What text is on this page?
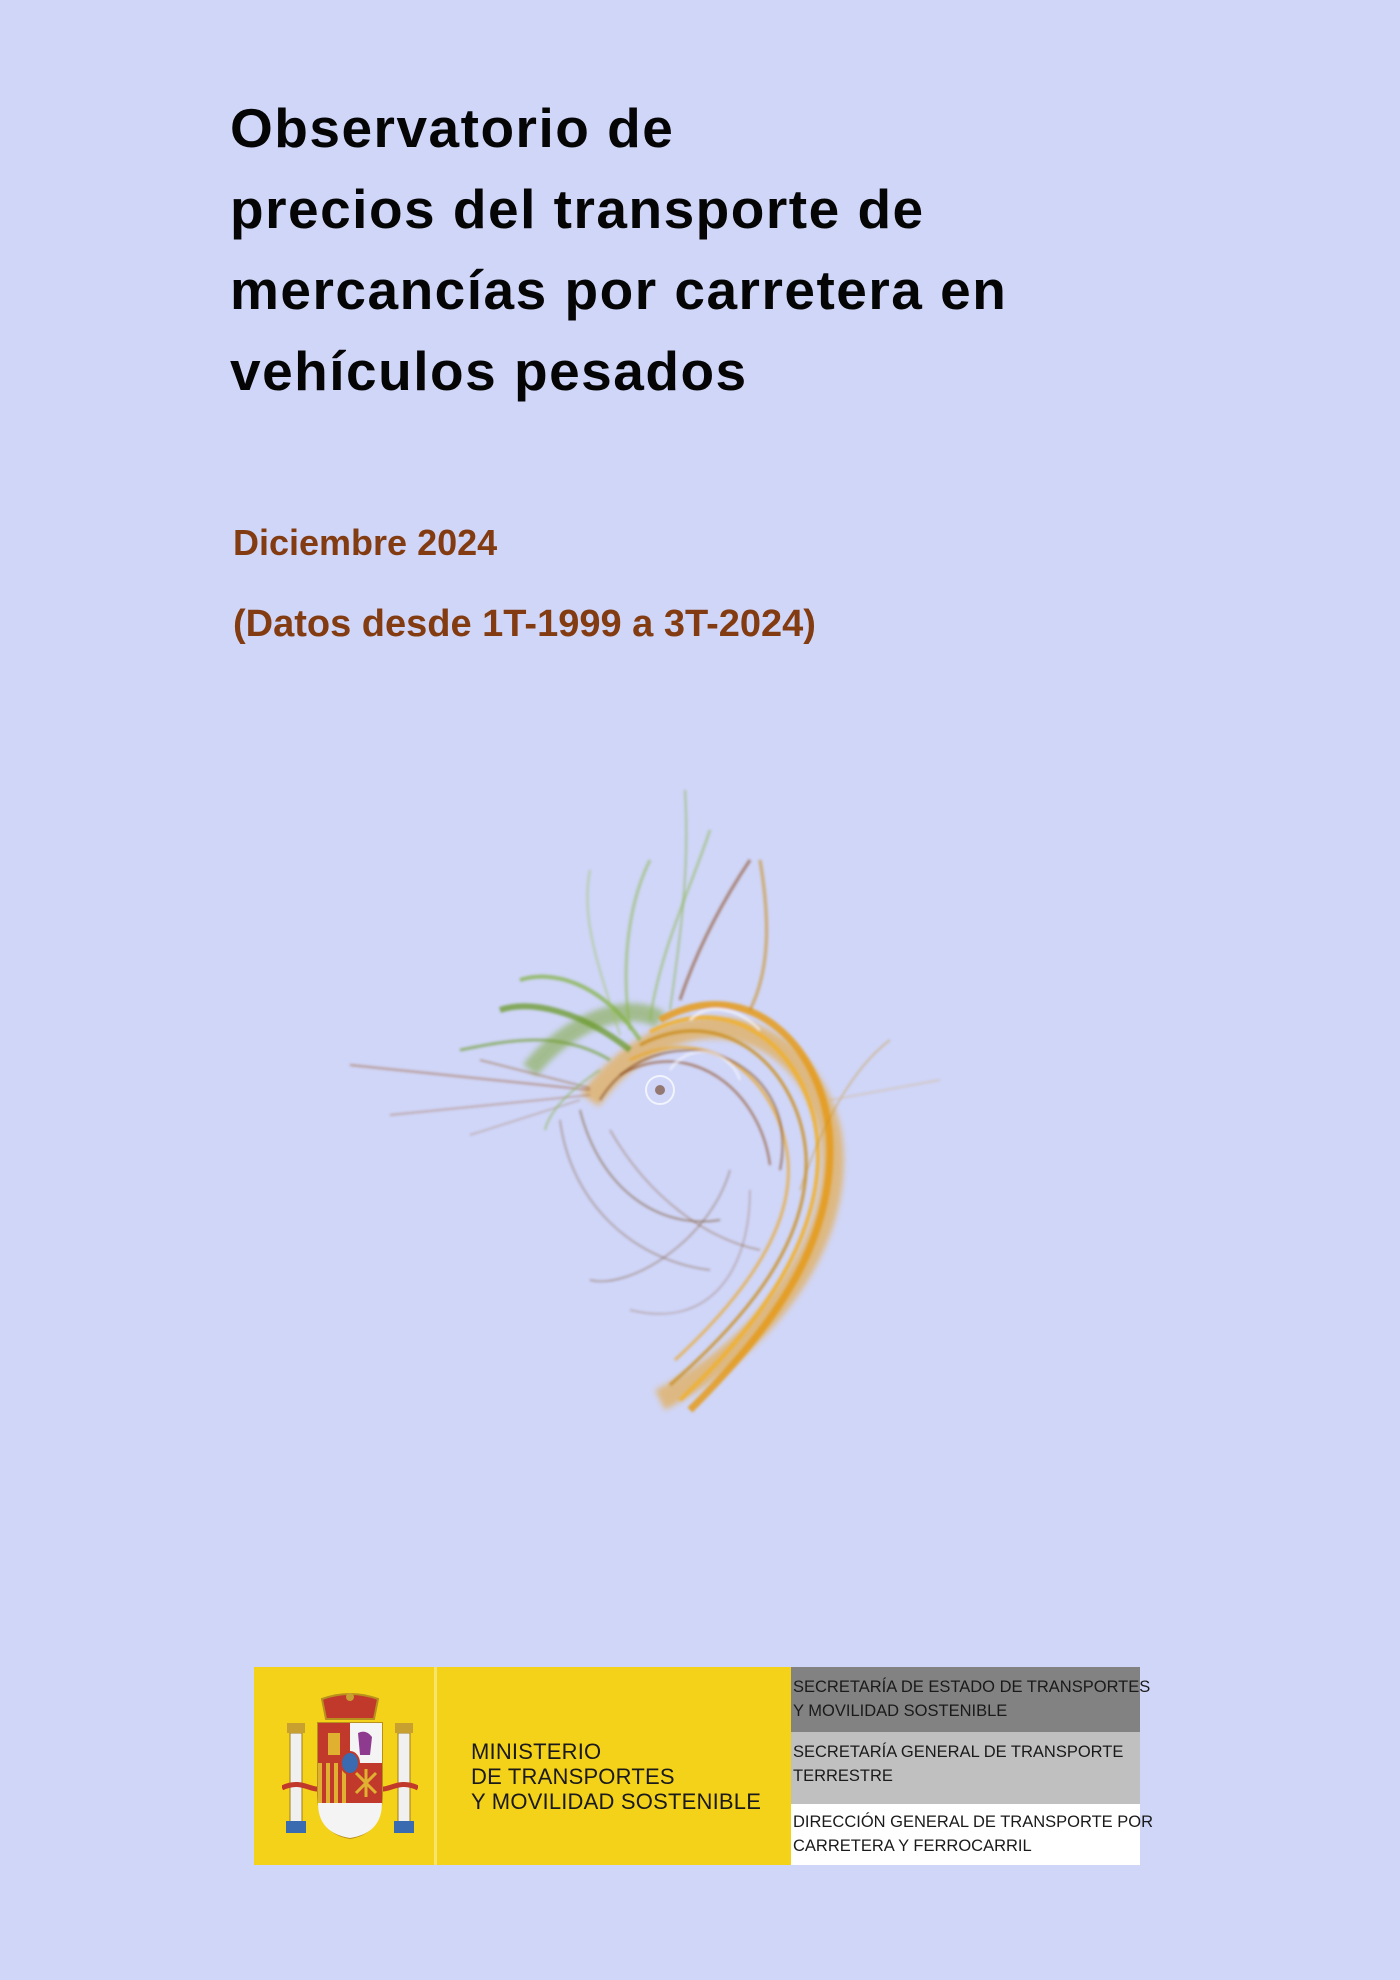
Observatorio de
precios del transporte de
mercancías por carretera en
vehículos pesados

Diciembre 2024

(Datos desde 1T-1999 a 3T-2024)

MINISTERIO
DE TRANSPORTES
Y MOVILIDAD SOSTENIBLE
SECRETARÍA DE ESTADO DE TRANSPORTES
Y MOVILIDAD SOSTENIBLE
SECRETARÍA GENERAL DE TRANSPORTE
TERRESTRE
DIRECCIÓN GENERAL DE TRANSPORTE POR
CARRETERA Y FERROCARRIL
